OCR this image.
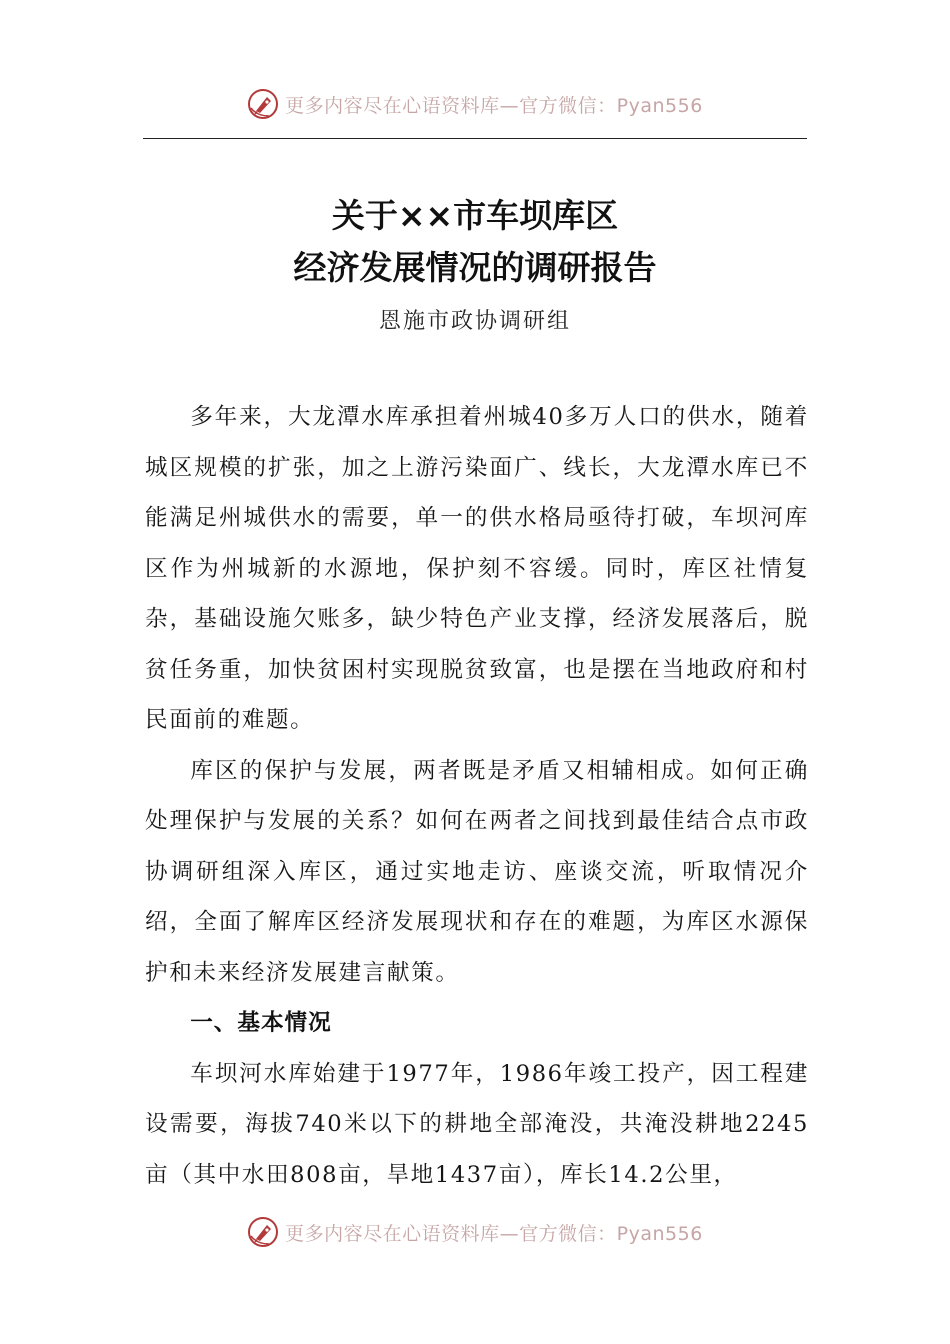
更多内容尽在心语资料库—官方微信：Pyan556
关于××市车坝库区
经济发展情况的调研报告
恩施市政协调研组

多年来，大龙潭水库承担着州城40多万人口的供水，随着城区规模的扩张，加之上游污染面广、线长，大龙潭水库已不能满足州城供水的需要，单一的供水格局亟待打破，车坝河库区作为州城新的水源地，保护刻不容缓。同时，库区社情复杂，基础设施欠账多，缺少特色产业支撑，经济发展落后，脱贫任务重，加快贫困村实现脱贫致富，也是摆在当地政府和村民面前的难题。

库区的保护与发展，两者既是矛盾又相辅相成。如何正确处理保护与发展的关系？如何在两者之间找到最佳结合点市政协调研组深入库区，通过实地走访、座谈交流，听取情况介绍，全面了解库区经济发展现状和存在的难题，为库区水源保护和未来经济发展建言献策。

一、基本情况

车坝河水库始建于1977年，1986年竣工投产，因工程建设需要，海拔740米以下的耕地全部淹没，共淹没耕地2245亩（其中水田808亩，旱地1437亩），库长14.2公里，

更多内容尽在心语资料库—官方微信：Pyan556
